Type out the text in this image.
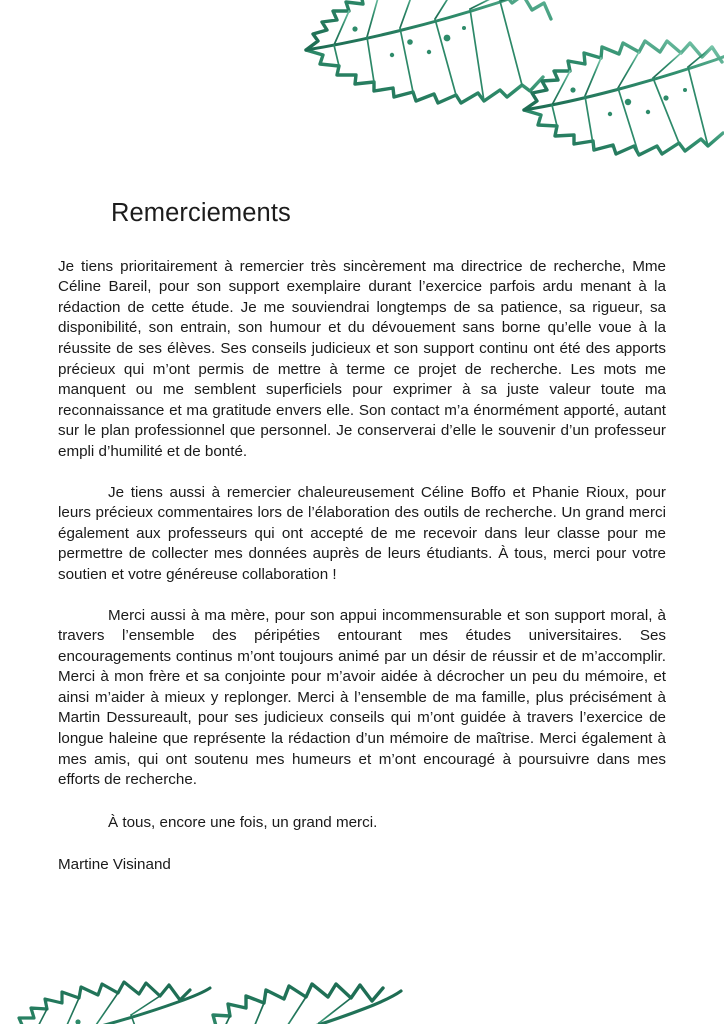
Remerciements

Je tiens prioritairement à remercier très sincèrement ma directrice de recherche, Mme Céline Bareil, pour son support exemplaire durant l’exercice parfois ardu menant à la rédaction de cette étude. Je me souviendrai longtemps de sa patience, sa rigueur, sa disponibilité, son entrain, son humour et du dévouement sans borne qu’elle voue à la réussite de ses élèves. Ses conseils judicieux et son support continu ont été des apports précieux qui m’ont permis de mettre à terme ce projet de recherche. Les mots me manquent ou me semblent superficiels pour exprimer à sa juste valeur toute ma reconnaissance et ma gratitude envers elle. Son contact m’a énormément apporté, autant sur le plan professionnel que personnel. Je conserverai d’elle le souvenir d’un professeur empli d’humilité et de bonté.

Je tiens aussi à remercier chaleureusement Céline Boffo et Phanie Rioux, pour leurs précieux commentaires lors de l’élaboration des outils de recherche. Un grand merci également aux professeurs qui ont accepté de me recevoir dans leur classe pour me permettre de collecter mes données auprès de leurs étudiants. À tous, merci pour votre soutien et votre généreuse collaboration !

Merci aussi à ma mère, pour son appui incommensurable et son support moral, à travers l’ensemble des péripéties entourant mes études universitaires. Ses encouragements continus m’ont toujours animé par un désir de réussir et de m’accomplir. Merci à mon frère et sa conjointe pour m’avoir aidée à décrocher un peu du mémoire, et ainsi m’aider à mieux y replonger. Merci à l’ensemble de ma famille, plus précisément à Martin Dessureault, pour ses judicieux conseils qui m’ont guidée à travers l’exercice de longue haleine que représente la rédaction d’un mémoire de maîtrise. Merci également à mes amis, qui ont soutenu mes humeurs et m’ont encouragé à poursuivre dans mes efforts de recherche.

À tous, encore une fois, un grand merci.

Martine Visinand
